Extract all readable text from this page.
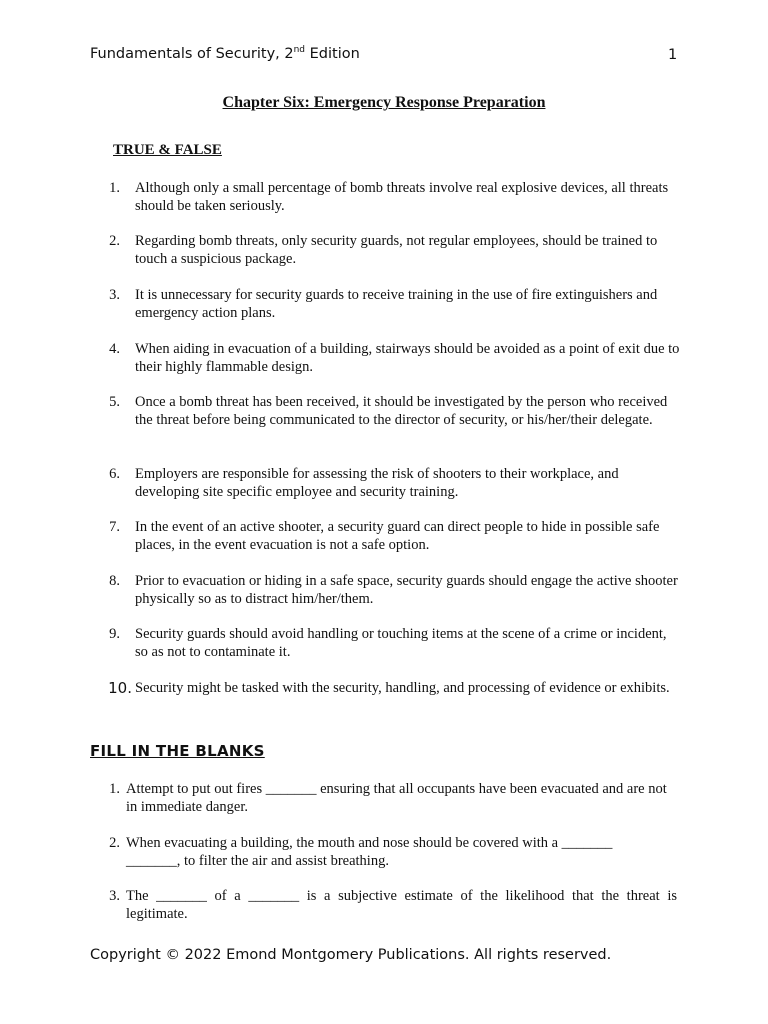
Fundamentals of Security, 2nd Edition	1
Chapter Six: Emergency Response Preparation
TRUE & FALSE
1. Although only a small percentage of bomb threats involve real explosive devices, all threats should be taken seriously.
2. Regarding bomb threats, only security guards, not regular employees, should be trained to touch a suspicious package.
3. It is unnecessary for security guards to receive training in the use of fire extinguishers and emergency action plans.
4. When aiding in evacuation of a building, stairways should be avoided as a point of exit due to their highly flammable design.
5. Once a bomb threat has been received, it should be investigated by the person who received the threat before being communicated to the director of security, or his/her/their delegate.
6. Employers are responsible for assessing the risk of shooters to their workplace, and developing site specific employee and security training.
7. In the event of an active shooter, a security guard can direct people to hide in possible safe places, in the event evacuation is not a safe option.
8. Prior to evacuation or hiding in a safe space, security guards should engage the active shooter physically so as to distract him/her/them.
9. Security guards should avoid handling or touching items at the scene of a crime or incident, so as not to contaminate it.
10. Security might be tasked with the security, handling, and processing of evidence or exhibits.
FILL IN THE BLANKS
1. Attempt to put out fires _______ ensuring that all occupants have been evacuated and are not in immediate danger.
2. When evacuating a building, the mouth and nose should be covered with a _______ _______, to filter the air and assist breathing.
3. The _______ of a _______ is a subjective estimate of the likelihood that the threat is legitimate.
Copyright © 2022 Emond Montgomery Publications. All rights reserved.
